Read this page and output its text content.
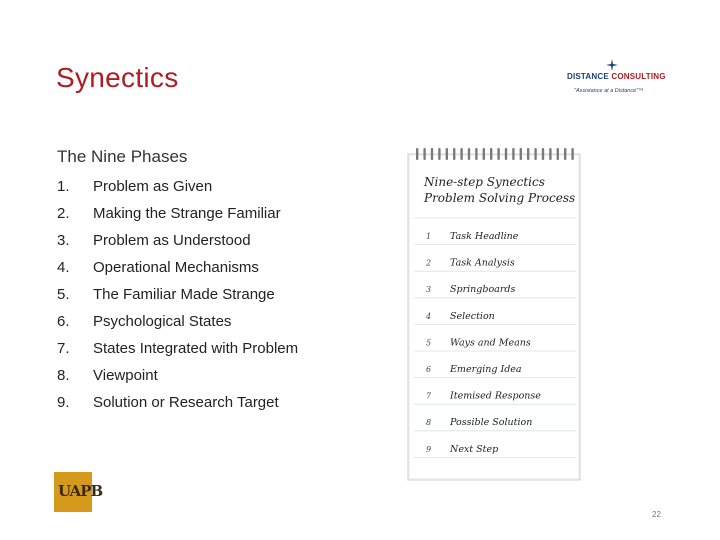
Synectics	DISTANCE CONSULTING
"Assistance at a Distance"™
The Nine Phases
1.	Problem as Given
2.	Making the Strange Familiar
3.	Problem as Understood
4.	Operational Mechanisms
5.	The Familiar Made Strange
6.	Psychological States
7.	States Integrated with Problem
8.	Viewpoint
9.	Solution or Research Target
Nine-step Synectics
Problem Solving Process
1 Task Headline
2 Task Analysis
3 Springboards
4 Selection
5 Ways and Means
6 Emerging Idea
7 Itemised Response
8 Possible Solution
9 Next Step
UAPB
22
